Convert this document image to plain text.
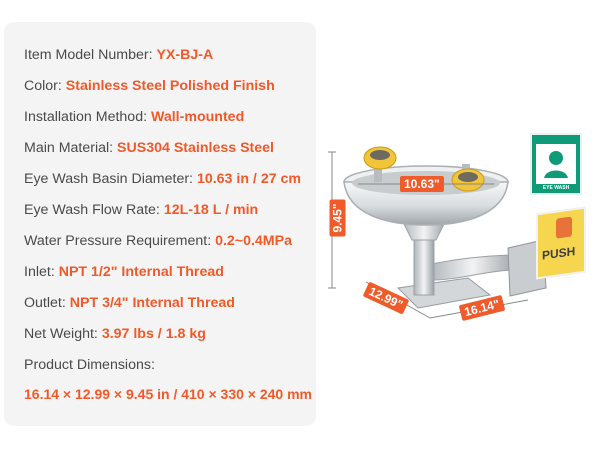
Item Model Number: YX-BJ-A
Color: Stainless Steel Polished Finish
Installation Method: Wall-mounted
Main Material: SUS304 Stainless Steel
Eye Wash Basin Diameter: 10.63 in / 27 cm
Eye Wash Flow Rate: 12L-18 L / min
Water Pressure Requirement: 0.2~0.4MPa
Inlet: NPT 1/2" Internal Thread
Outlet: NPT 3/4" Internal Thread
Net Weight: 3.97 lbs / 1.8 kg
Product Dimensions:
16.14 × 12.99 × 9.45 in / 410 × 330 × 240 mm
10.63"
9.45"
12.99"	16.14"
EYE WASH
PUSH
